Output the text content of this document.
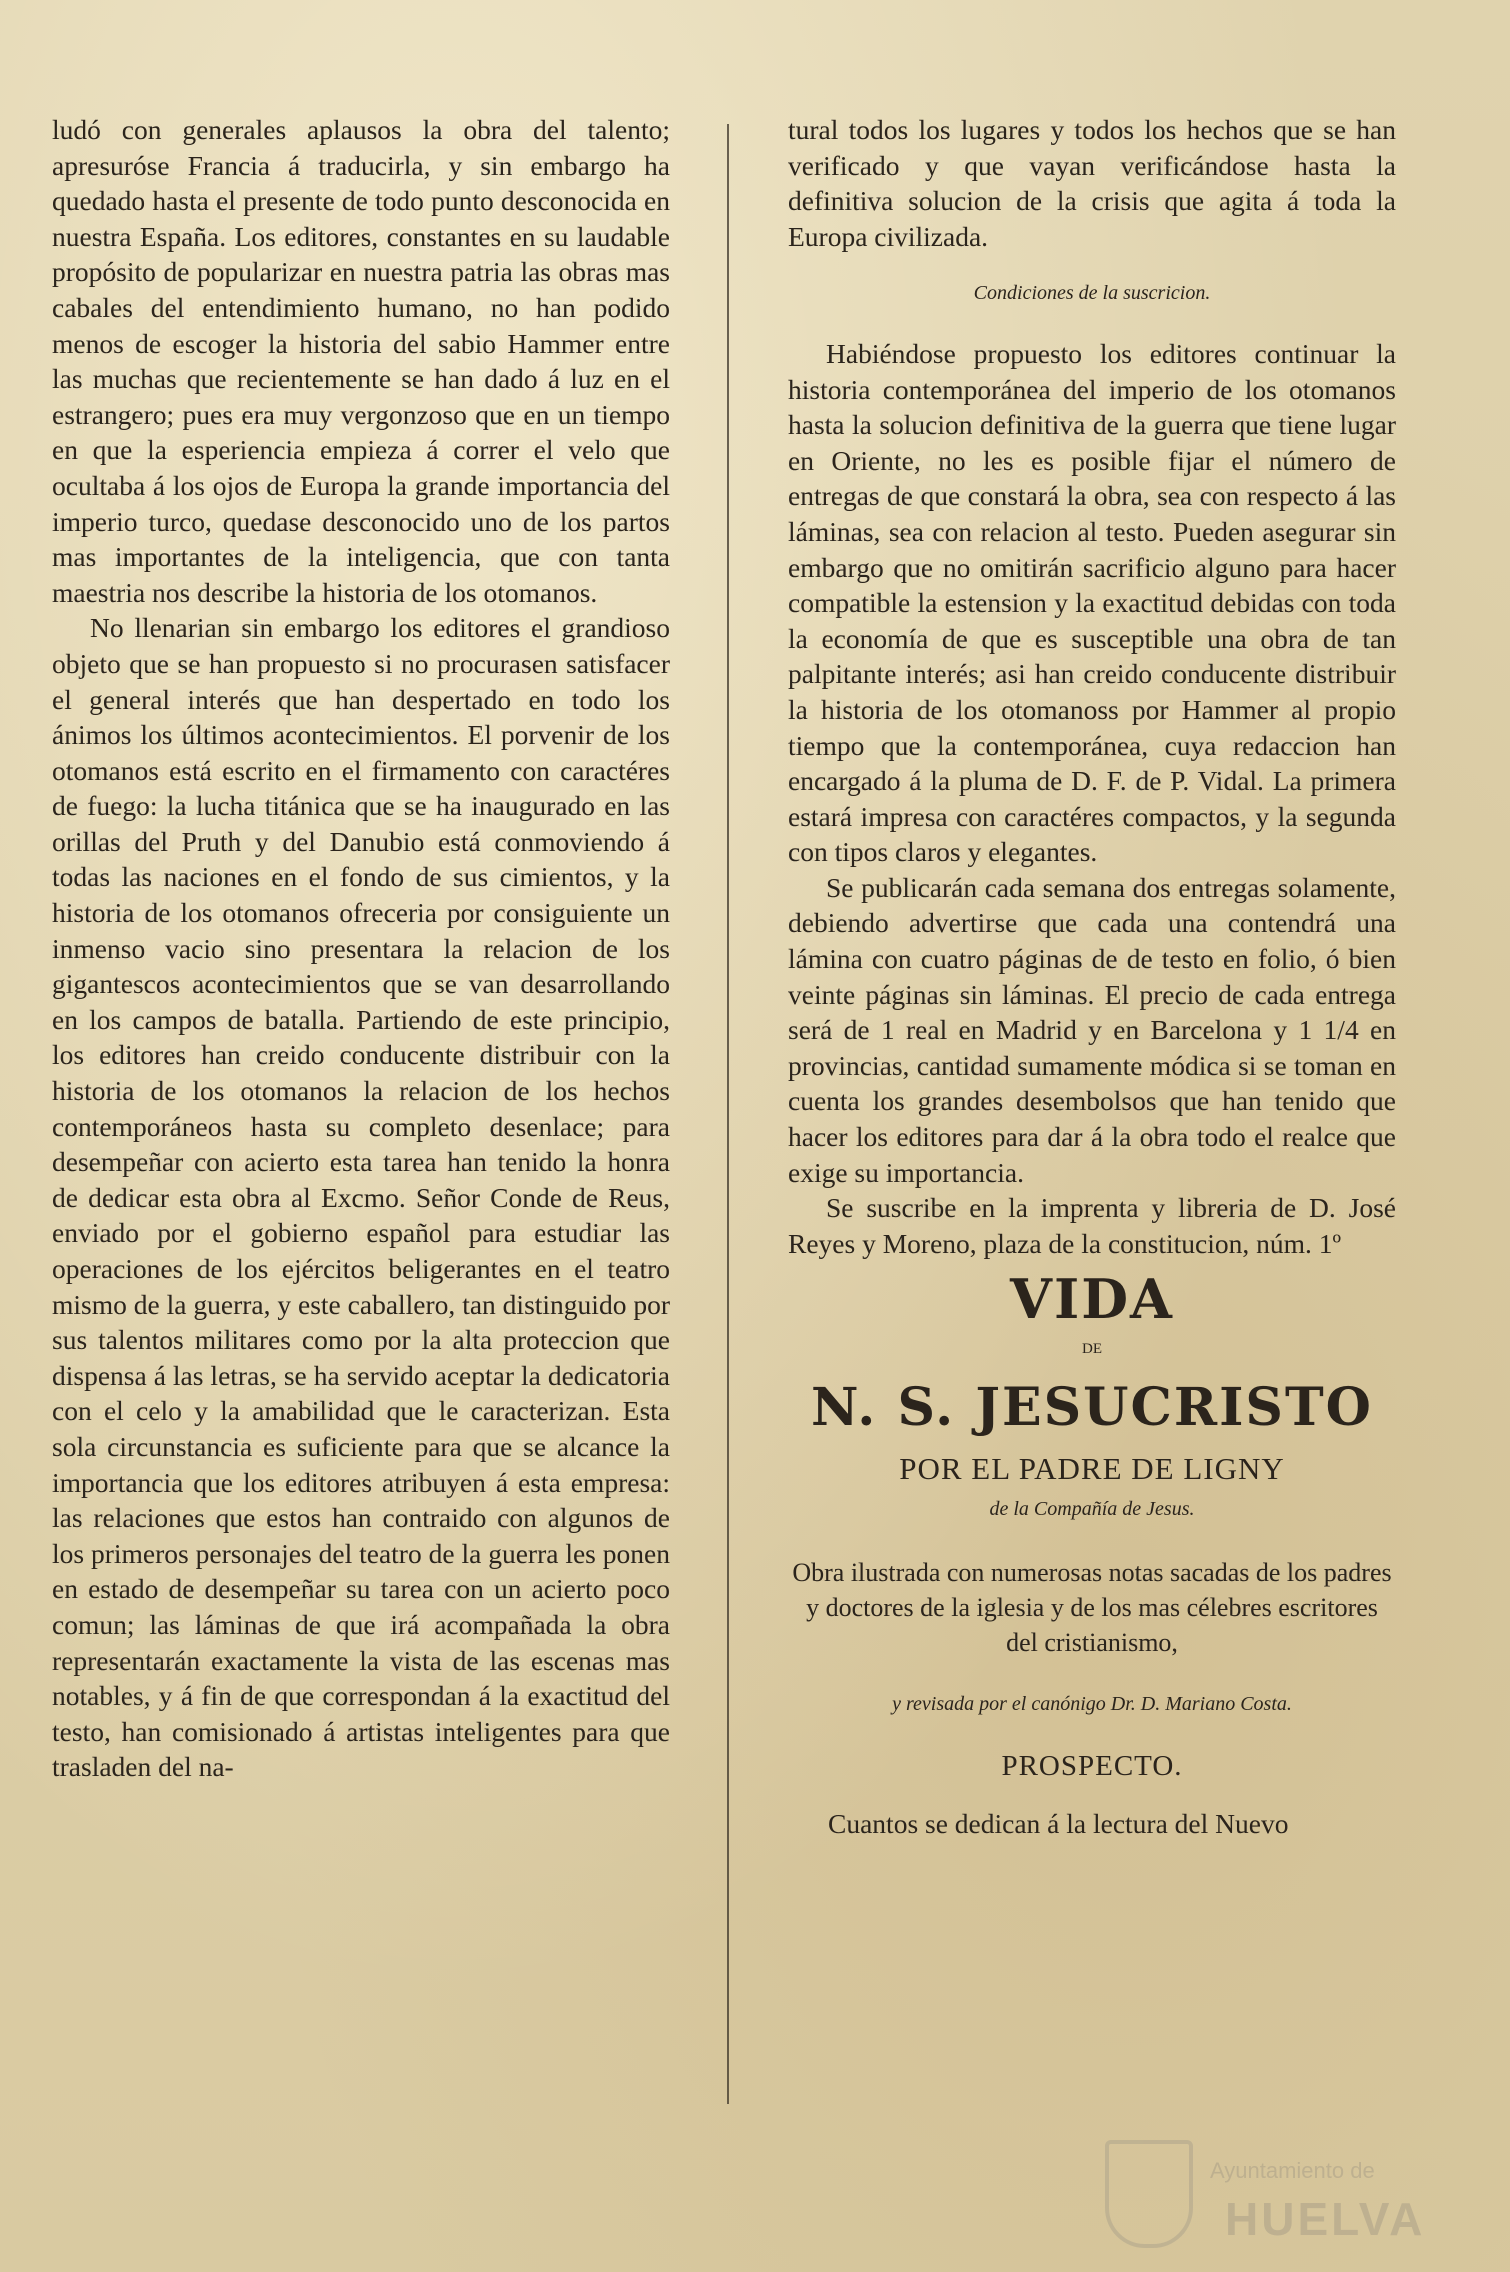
ludó con generales aplausos la obra del talento; apresuróse Francia á traducirla, y sin embargo ha quedado hasta el presente de todo punto desconocida en nuestra España. Los editores, constantes en su laudable propósito de popularizar en nuestra patria las obras mas cabales del entendimiento humano, no han podido menos de escoger la historia del sabio Hammer entre las muchas que recientemente se han dado á luz en el estrangero; pues era muy vergonzoso que en un tiempo en que la esperiencia empieza á correr el velo que ocultaba á los ojos de Europa la grande importancia del imperio turco, quedase desconocido uno de los partos mas importantes de la inteligencia, que con tanta maestria nos describe la historia de los otomanos.

No llenarian sin embargo los editores el grandioso objeto que se han propuesto si no procurasen satisfacer el general interés que han despertado en todo los ánimos los últimos acontecimientos. El porvenir de los otomanos está escrito en el firmamento con caractéres de fuego: la lucha titánica que se ha inaugurado en las orillas del Pruth y del Danubio está conmoviendo á todas las naciones en el fondo de sus cimientos, y la historia de los otomanos ofreceria por consiguiente un inmenso vacio sino presentara la relacion de los gigantescos acontecimientos que se van desarrollando en los campos de batalla. Partiendo de este principio, los editores han creido conducente distribuir con la historia de los otomanos la relacion de los hechos contemporáneos hasta su completo desenlace; para desempeñar con acierto esta tarea han tenido la honra de dedicar esta obra al Excmo. Señor Conde de Reus, enviado por el gobierno español para estudiar las operaciones de los ejércitos beligerantes en el teatro mismo de la guerra, y este caballero, tan distinguido por sus talentos militares como por la alta proteccion que dispensa á las letras, se ha servido aceptar la dedicatoria con el celo y la amabilidad que le caracterizan. Esta sola circunstancia es suficiente para que se alcance la importancia que los editores atribuyen á esta empresa: las relaciones que estos han contraido con algunos de los primeros personajes del teatro de la guerra les ponen en estado de desempeñar su tarea con un acierto poco comun; las láminas de que irá acompañada la obra representarán exactamente la vista de las escenas mas notables, y á fin de que correspondan á la exactitud del testo, han comisionado á artistas inteligentes para que trasladen del na-

tural todos los lugares y todos los hechos que se han verificado y que vayan verificándose hasta la definitiva solucion de la crisis que agita á toda la Europa civilizada.

Condiciones de la suscricion.

Habiéndose propuesto los editores continuar la historia contemporánea del imperio de los otomanos hasta la solucion definitiva de la guerra que tiene lugar en Oriente, no les es posible fijar el número de entregas de que constará la obra, sea con respecto á las láminas, sea con relacion al testo. Pueden asegurar sin embargo que no omitirán sacrificio alguno para hacer compatible la estension y la exactitud debidas con toda la economía de que es susceptible una obra de tan palpitante interés; asi han creido conducente distribuir la historia de los otomanoss por Hammer al propio tiempo que la contemporánea, cuya redaccion han encargado á la pluma de D. F. de P. Vidal. La primera estará impresa con caractéres compactos, y la segunda con tipos claros y elegantes.

Se publicarán cada semana dos entregas solamente, debiendo advertirse que cada una contendrá una lámina con cuatro páginas de de testo en folio, ó bien veinte páginas sin láminas. El precio de cada entrega será de 1 real en Madrid y en Barcelona y 1 1/4 en provincias, cantidad sumamente módica si se toman en cuenta los grandes desembolsos que han tenido que hacer los editores para dar á la obra todo el realce que exige su importancia.

Se suscribe en la imprenta y libreria de D. José Reyes y Moreno, plaza de la constitucion, núm. 1º

VIDA
DE
N. S. JESUCRISTO
POR EL PADRE DE LIGNY
de la Compañía de Jesus.
Obra ilustrada con numerosas notas sacadas de los padres y doctores de la iglesia y de los mas célebres escritores del cristianismo,
y revisada por el canónigo Dr. D. Mariano Costa.
PROSPECTO.
Cuantos se dedican á la lectura del Nuevo
Ayuntamiento de
HUELVA
